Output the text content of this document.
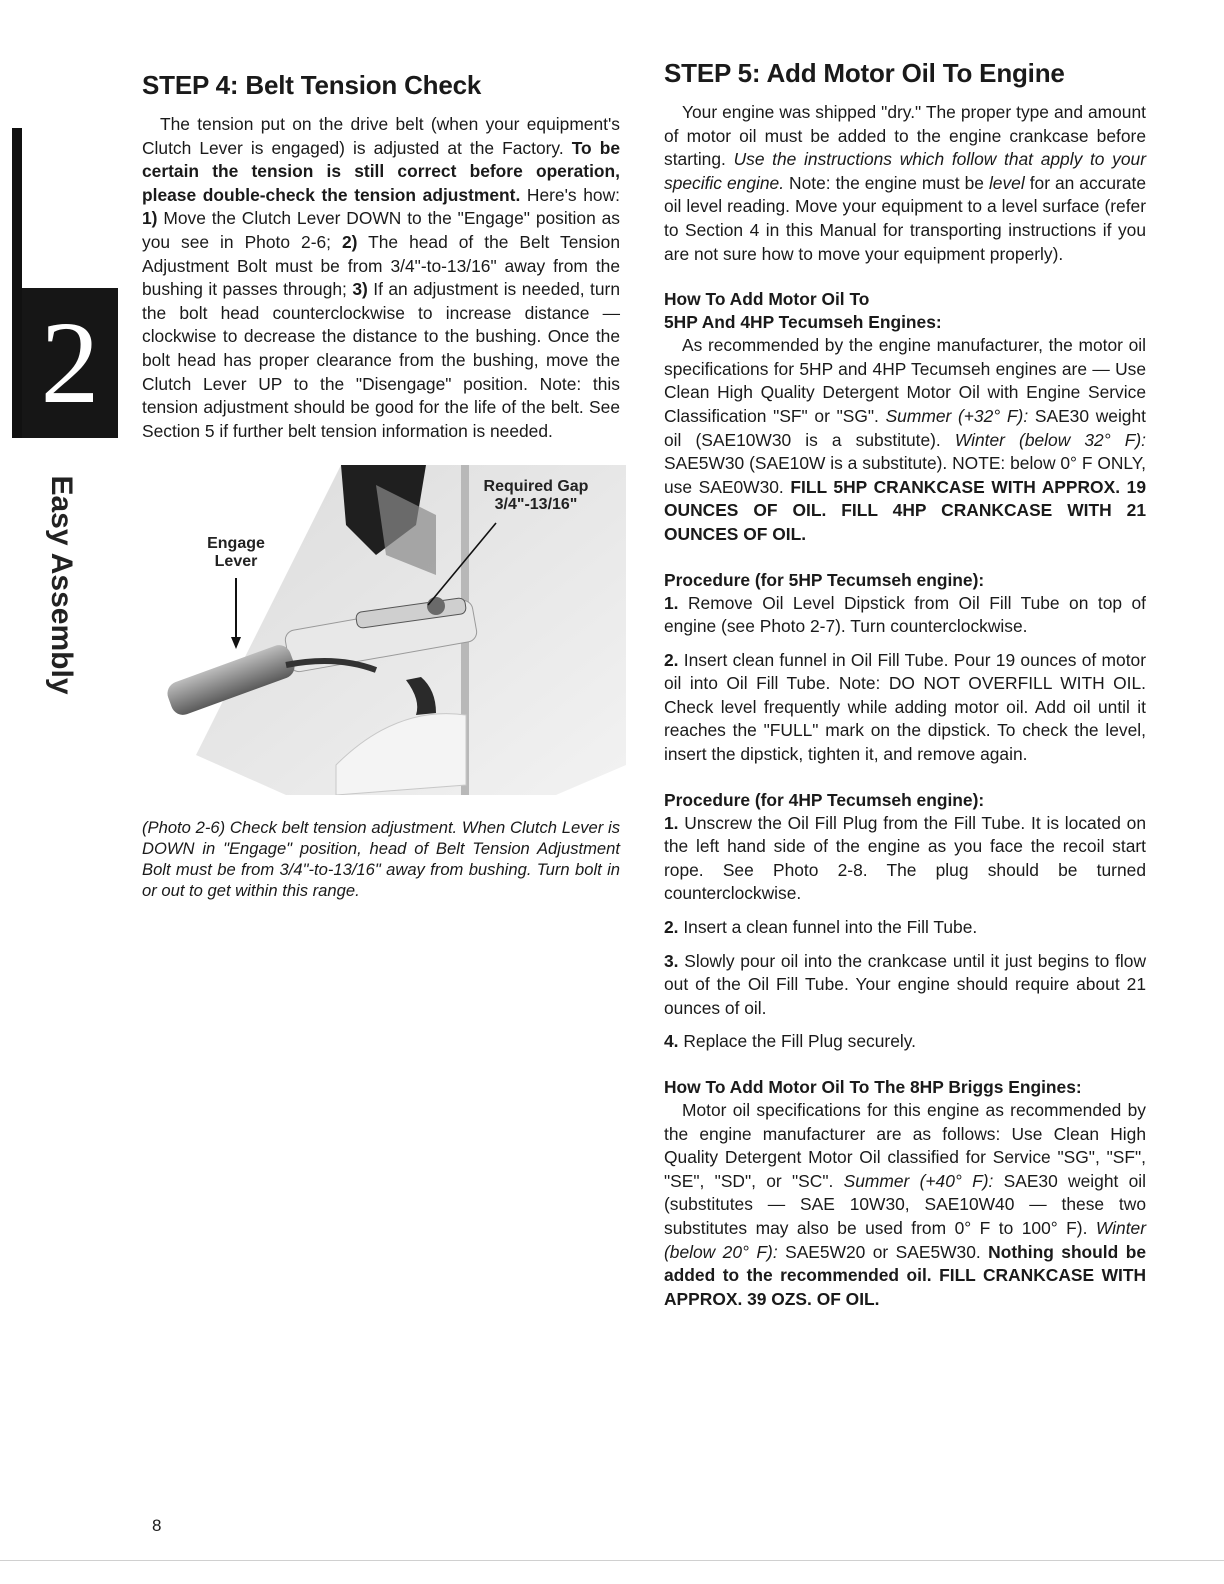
2
Easy Assembly
STEP 4: Belt Tension Check

The tension put on the drive belt (when your equipment's Clutch Lever is engaged) is adjusted at the Factory. To be certain the tension is still correct before operation, please double-check the tension adjustment. Here's how: 1) Move the Clutch Lever DOWN to the "Engage" position as you see in Photo 2-6; 2) The head of the Belt Tension Adjustment Bolt must be from 3/4"-to-13/16" away from the bushing it passes through; 3) If an adjustment is needed, turn the bolt head counterclockwise to increase distance — clockwise to decrease the distance to the bushing. Once the bolt head has proper clearance from the bushing, move the Clutch Lever UP to the "Disengage" position. Note: this tension adjustment should be good for the life of the belt. See Section 5 if further belt tension information is needed.

Engage
Lever
Required Gap
3/4"-13/16"

(Photo 2-6) Check belt tension adjustment. When Clutch Lever is DOWN in "Engage" position, head of Belt Tension Adjustment Bolt must be from 3/4"-to-13/16" away from bushing. Turn bolt in or out to get within this range.

STEP 5: Add Motor Oil To Engine

Your engine was shipped "dry." The proper type and amount of motor oil must be added to the engine crankcase before starting. Use the instructions which follow that apply to your specific engine. Note: the engine must be level for an accurate oil level reading. Move your equipment to a level surface (refer to Section 4 in this Manual for transporting instructions if you are not sure how to move your equipment properly).

How To Add Motor Oil To
5HP And 4HP Tecumseh Engines:

As recommended by the engine manufacturer, the motor oil specifications for 5HP and 4HP Tecumseh engines are — Use Clean High Quality Detergent Motor Oil with Engine Service Classification "SF" or "SG". Summer (+32° F): SAE30 weight oil (SAE10W30 is a substitute). Winter (below 32° F): SAE5W30 (SAE10W is a substitute). NOTE: below 0° F ONLY, use SAE0W30. FILL 5HP CRANKCASE WITH APPROX. 19 OUNCES OF OIL. FILL 4HP CRANKCASE WITH 21 OUNCES OF OIL.

Procedure (for 5HP Tecumseh engine):

1. Remove Oil Level Dipstick from Oil Fill Tube on top of engine (see Photo 2-7). Turn counterclockwise.

2. Insert clean funnel in Oil Fill Tube. Pour 19 ounces of motor oil into Oil Fill Tube. Note: DO NOT OVERFILL WITH OIL. Check level frequently while adding motor oil. Add oil until it reaches the "FULL" mark on the dipstick. To check the level, insert the dipstick, tighten it, and remove again.

Procedure (for 4HP Tecumseh engine):

1. Unscrew the Oil Fill Plug from the Fill Tube. It is located on the left hand side of the engine as you face the recoil start rope. See Photo 2-8. The plug should be turned counterclockwise.

2. Insert a clean funnel into the Fill Tube.

3. Slowly pour oil into the crankcase until it just begins to flow out of the Oil Fill Tube. Your engine should require about 21 ounces of oil.

4. Replace the Fill Plug securely.

How To Add Motor Oil To The 8HP Briggs Engines:

Motor oil specifications for this engine as recommended by the engine manufacturer are as follows: Use Clean High Quality Detergent Motor Oil classified for Service "SG", "SF", "SE", "SD", or "SC". Summer (+40° F): SAE30 weight oil (substitutes — SAE 10W30, SAE10W40 — these two substitutes may also be used from 0° F to 100° F). Winter (below 20° F): SAE5W20 or SAE5W30. Nothing should be added to the recommended oil. FILL CRANKCASE WITH APPROX. 39 OZS. OF OIL.

8
